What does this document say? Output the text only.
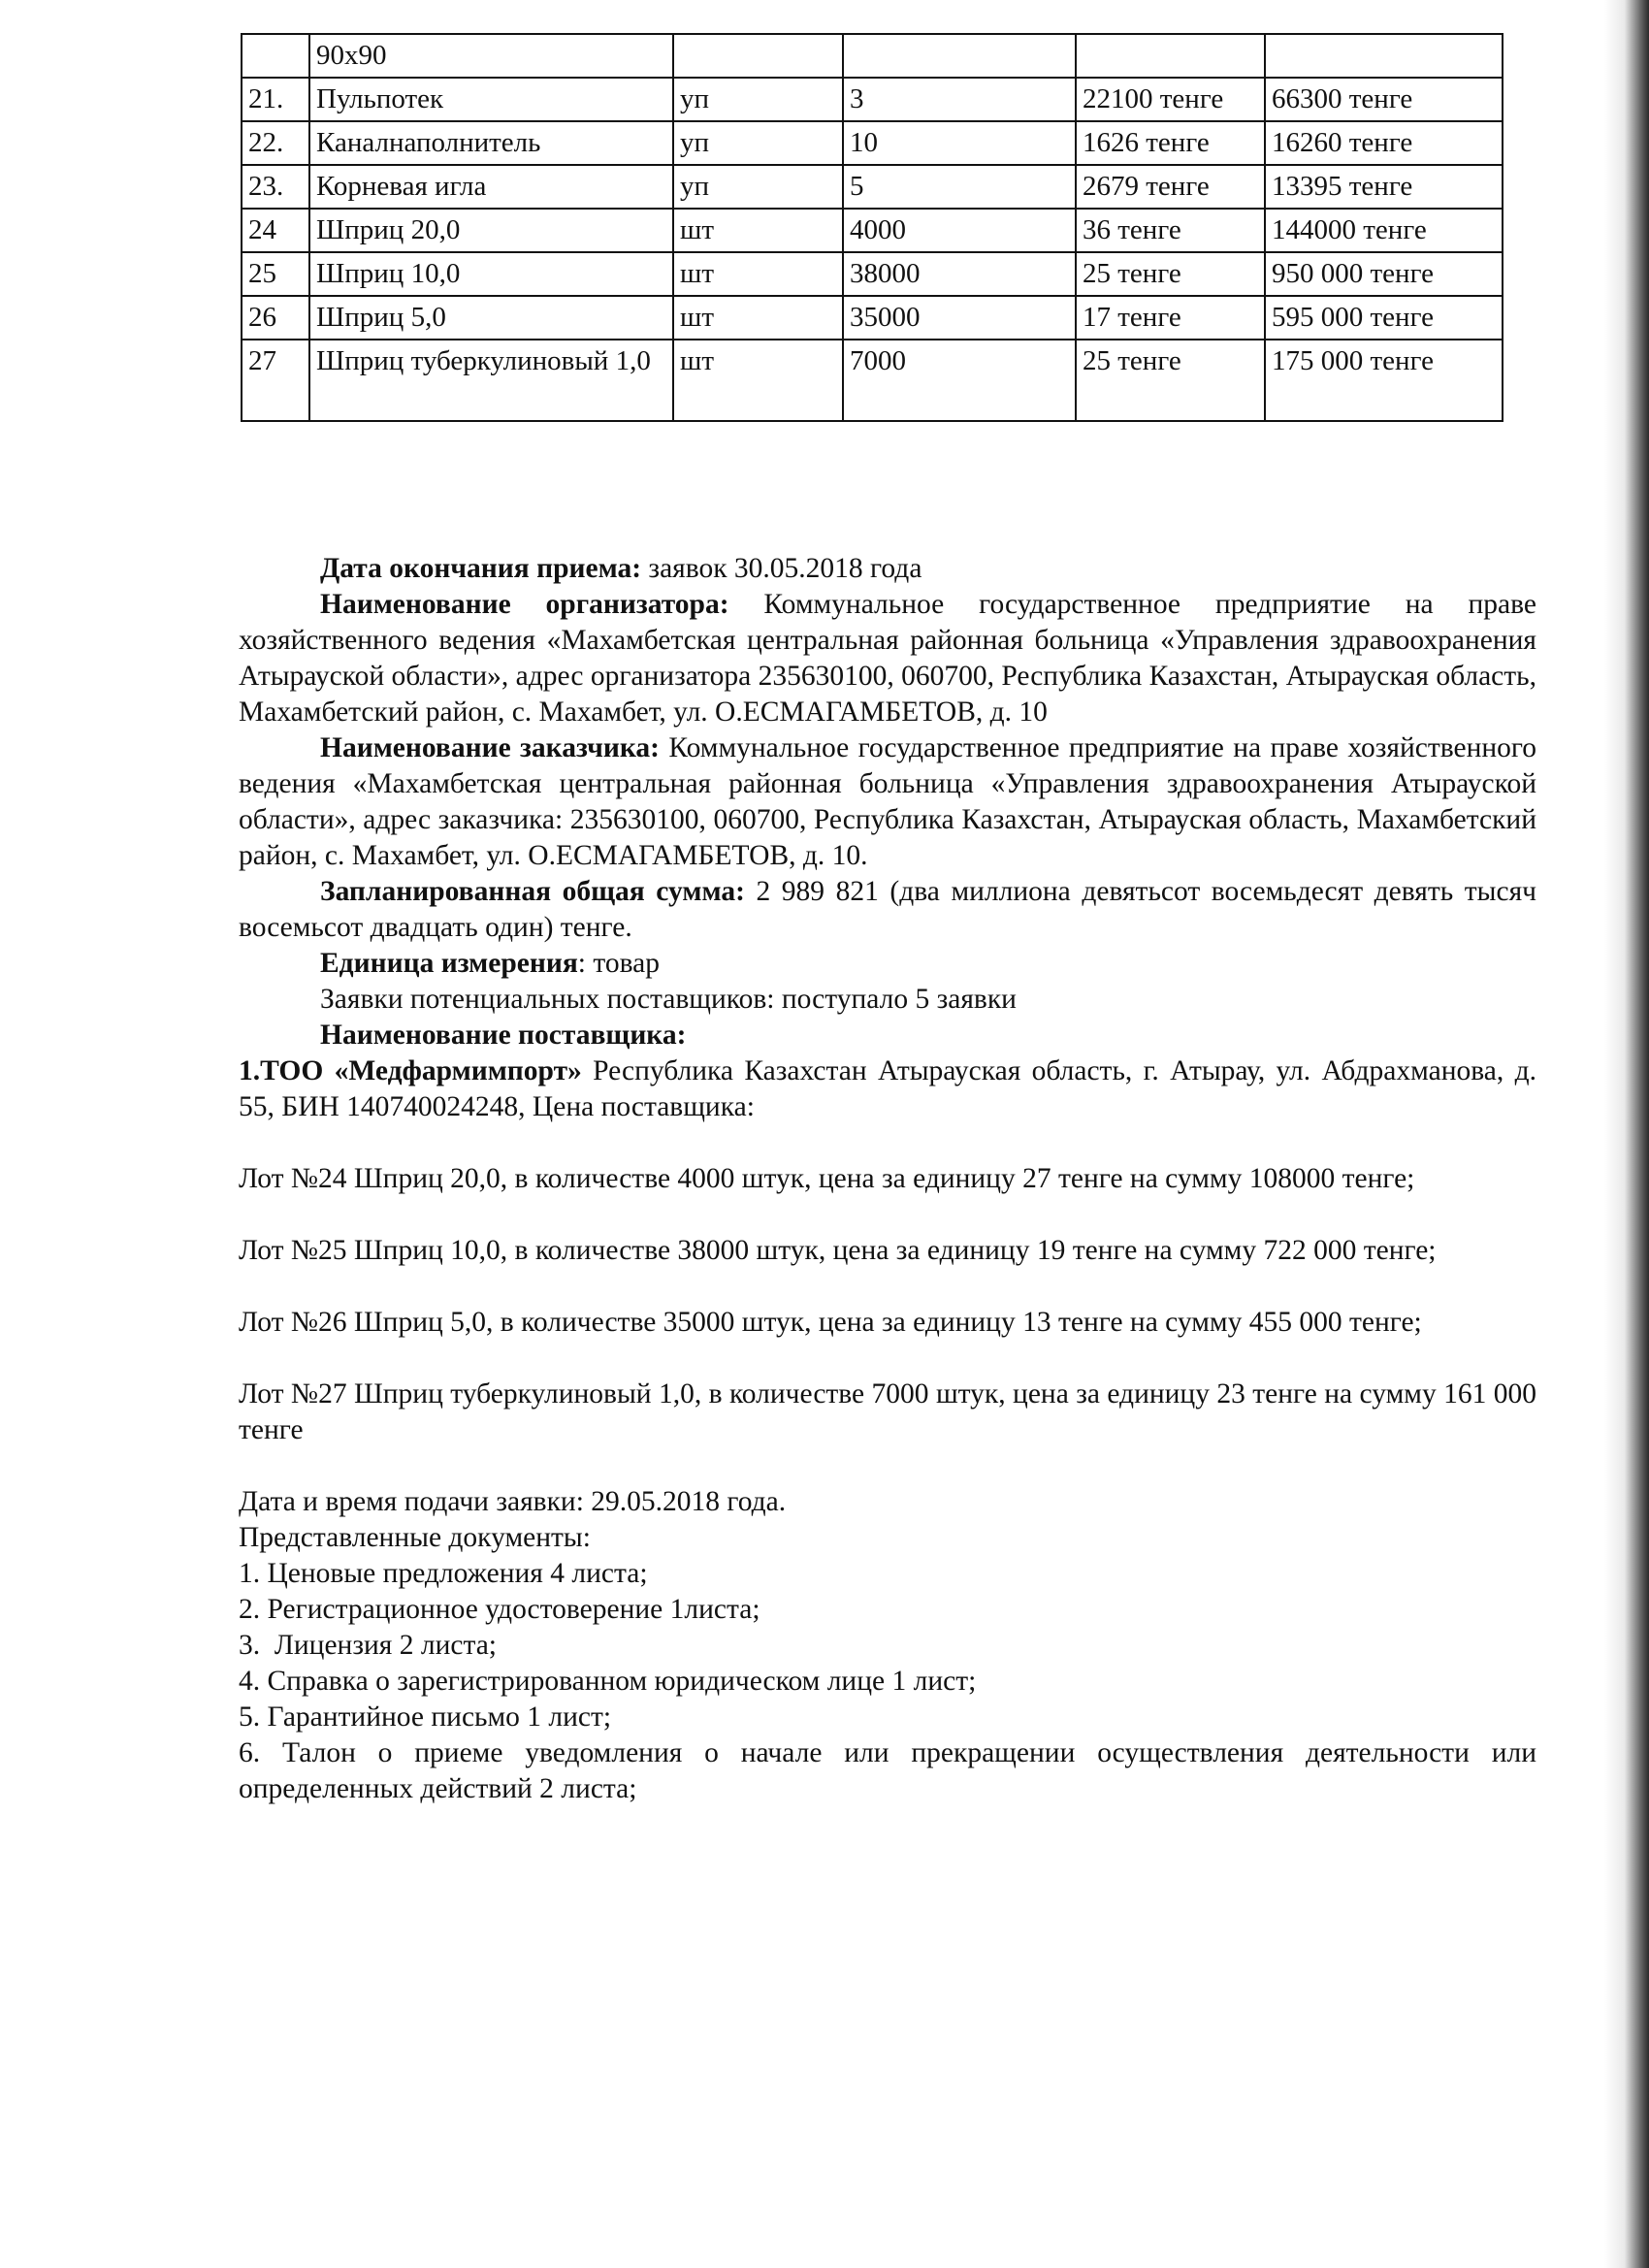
	90х90				
21.	Пульпотек	уп	3	22100 тенге	66300 тенге
22.	Каналнаполнитель	уп	10	1626 тенге	16260 тенге
23.	Корневая игла	уп	5	2679 тенге	13395 тенге
24	Шприц 20,0	шт	4000	36 тенге	144000 тенге
25	Шприц 10,0	шт	38000	25 тенге	950 000 тенге
26	Шприц 5,0	шт	35000	17 тенге	595 000 тенге
27	Шприц туберкулиновый 1,0	шт	7000	25 тенге	175 000 тенге

Дата окончания приема: заявок 30.05.2018 года

Наименование организатора: Коммунальное государственное предприятие на праве хозяйственного ведения «Махамбетская центральная районная больница «Управления здравоохранения Атырауской области», адрес организатора 235630100, 060700, Республика Казахстан, Атырауская область, Махамбетский район, с. Махамбет, ул. О.ЕСМАГАМБЕТОВ, д. 10

Наименование заказчика: Коммунальное государственное предприятие на праве хозяйственного ведения «Махамбетская центральная районная больница «Управления здравоохранения Атырауской области», адрес заказчика: 235630100, 060700, Республика Казахстан, Атырауская область, Махамбетский район, с. Махамбет, ул. О.ЕСМАГАМБЕТОВ, д. 10.

Запланированная общая сумма: 2 989 821 (два миллиона девятьсот восемьдесят девять тысяч восемьсот двадцать один) тенге.

Единица измерения: товар

Заявки потенциальных поставщиков: поступало 5 заявки

Наименование поставщика:

1.ТОО «Медфармимпорт» Республика Казахстан Атырауская область, г. Атырау, ул. Абдрахманова, д. 55, БИН 140740024248, Цена поставщика:

Лот №24 Шприц 20,0, в количестве 4000 штук, цена за единицу 27 тенге на сумму 108000 тенге;

Лот №25 Шприц 10,0, в количестве 38000 штук, цена за единицу 19 тенге на сумму 722 000 тенге;

Лот №26 Шприц 5,0, в количестве 35000 штук, цена за единицу 13 тенге на сумму 455 000 тенге;

Лот №27 Шприц туберкулиновый 1,0, в количестве 7000 штук, цена за единицу 23 тенге на сумму 161 000 тенге

Дата и время подачи заявки: 29.05.2018 года.

Представленные документы:

1. Ценовые предложения 4 листа;

2. Регистрационное удостоверение 1листа;

3.  Лицензия 2 листа;

4. Справка о зарегистрированном юридическом лице 1 лист;

5. Гарантийное письмо 1 лист;

6. Талон о приеме уведомления о начале или прекращении осуществления деятельности или определенных действий 2 листа;
